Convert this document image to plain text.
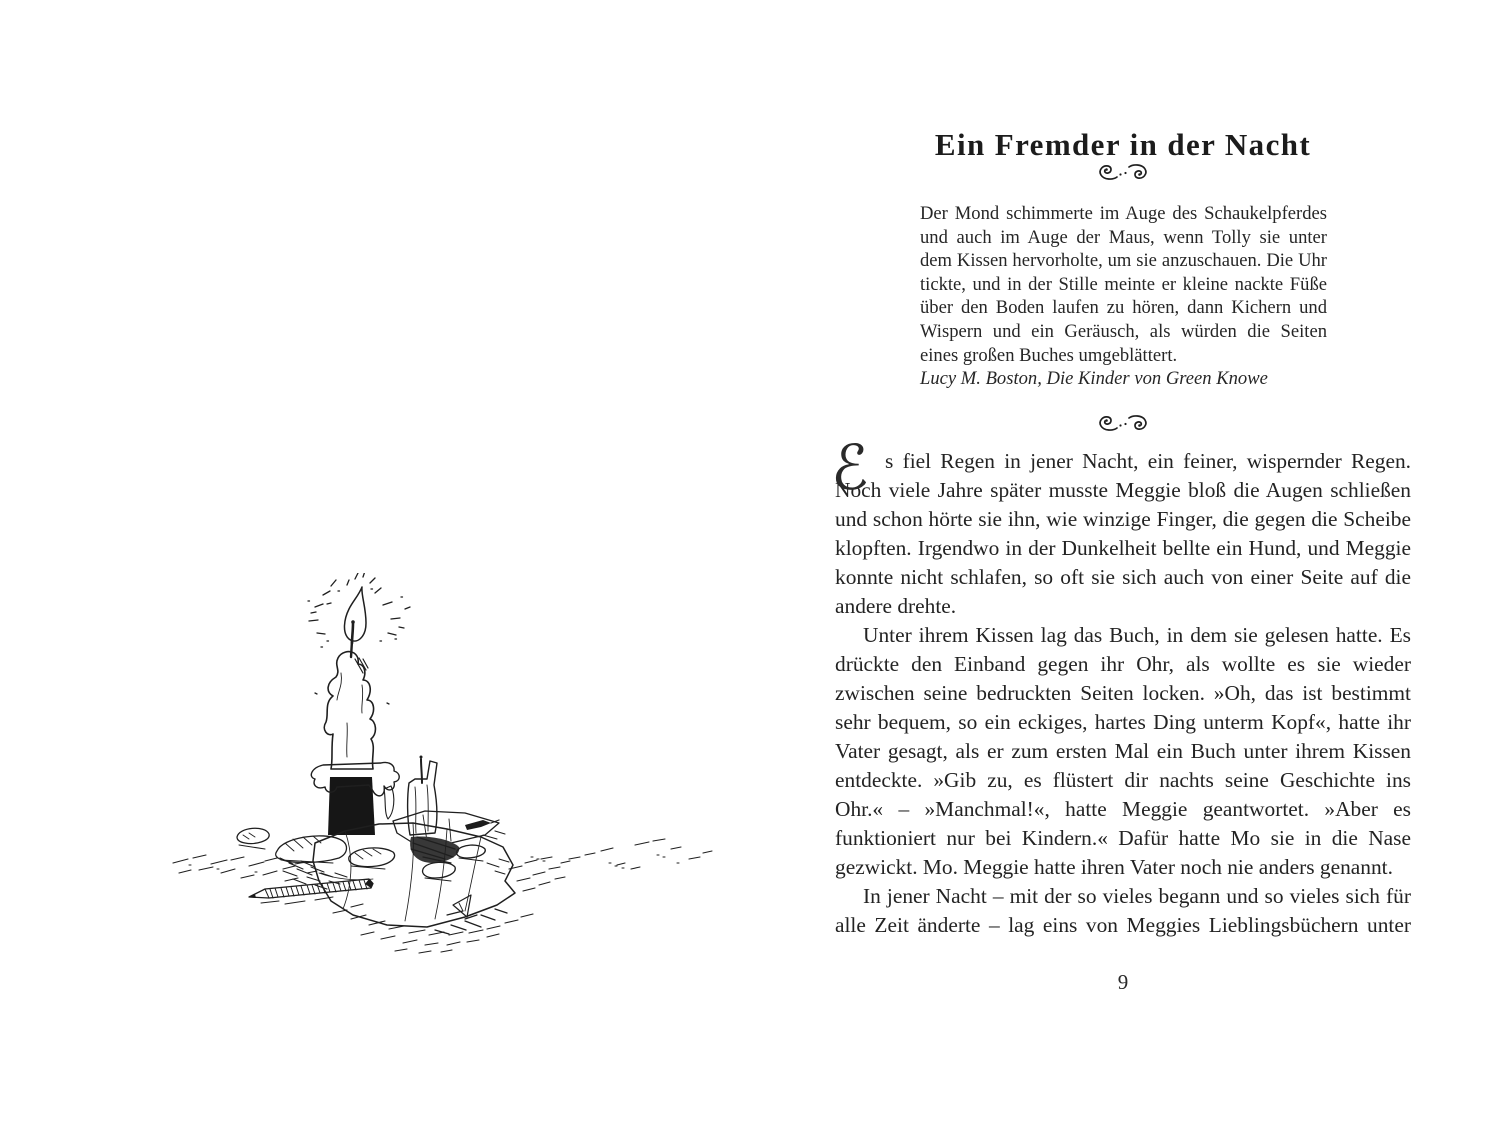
Ein Fremder in der Nacht
Der Mond schimmerte im Auge des Schaukelpferdes und auch im Auge der Maus, wenn Tolly sie unter dem Kissen hervorholte, um sie anzuschauen. Die Uhr tickte, und in der Stille meinte er kleine nackte Füße über den Boden laufen zu hören, dann Kichern und Wispern und ein Geräusch, als würden die Seiten eines großen Buches umgeblättert.
Lucy M. Boston, Die Kinder von Green Knowe

ℰ s fiel Regen in jener Nacht, ein feiner, wispernder Regen. Noch viele Jahre später musste Meggie bloß die Augen schließen und schon hörte sie ihn, wie winzige Finger, die gegen die Scheibe klopften. Irgendwo in der Dunkelheit bellte ein Hund, und Meggie konnte nicht schlafen, so oft sie sich auch von einer Seite auf die andere drehte.

Unter ihrem Kissen lag das Buch, in dem sie gelesen hatte. Es drückte den Einband gegen ihr Ohr, als wollte es sie wieder zwischen seine bedruckten Seiten locken. »Oh, das ist bestimmt sehr bequem, so ein eckiges, hartes Ding unterm Kopf«, hatte ihr Vater gesagt, als er zum ersten Mal ein Buch unter ihrem Kissen entdeckte. »Gib zu, es flüstert dir nachts seine Geschichte ins Ohr.« – »Manchmal!«, hatte Meggie geantwortet. »Aber es funktioniert nur bei Kindern.« Dafür hatte Mo sie in die Nase gezwickt. Mo. Meggie hatte ihren Vater noch nie anders genannt.

In jener Nacht – mit der so vieles begann und so vieles sich für alle Zeit änderte – lag eins von Meggies Lieblingsbüchern unter

9
